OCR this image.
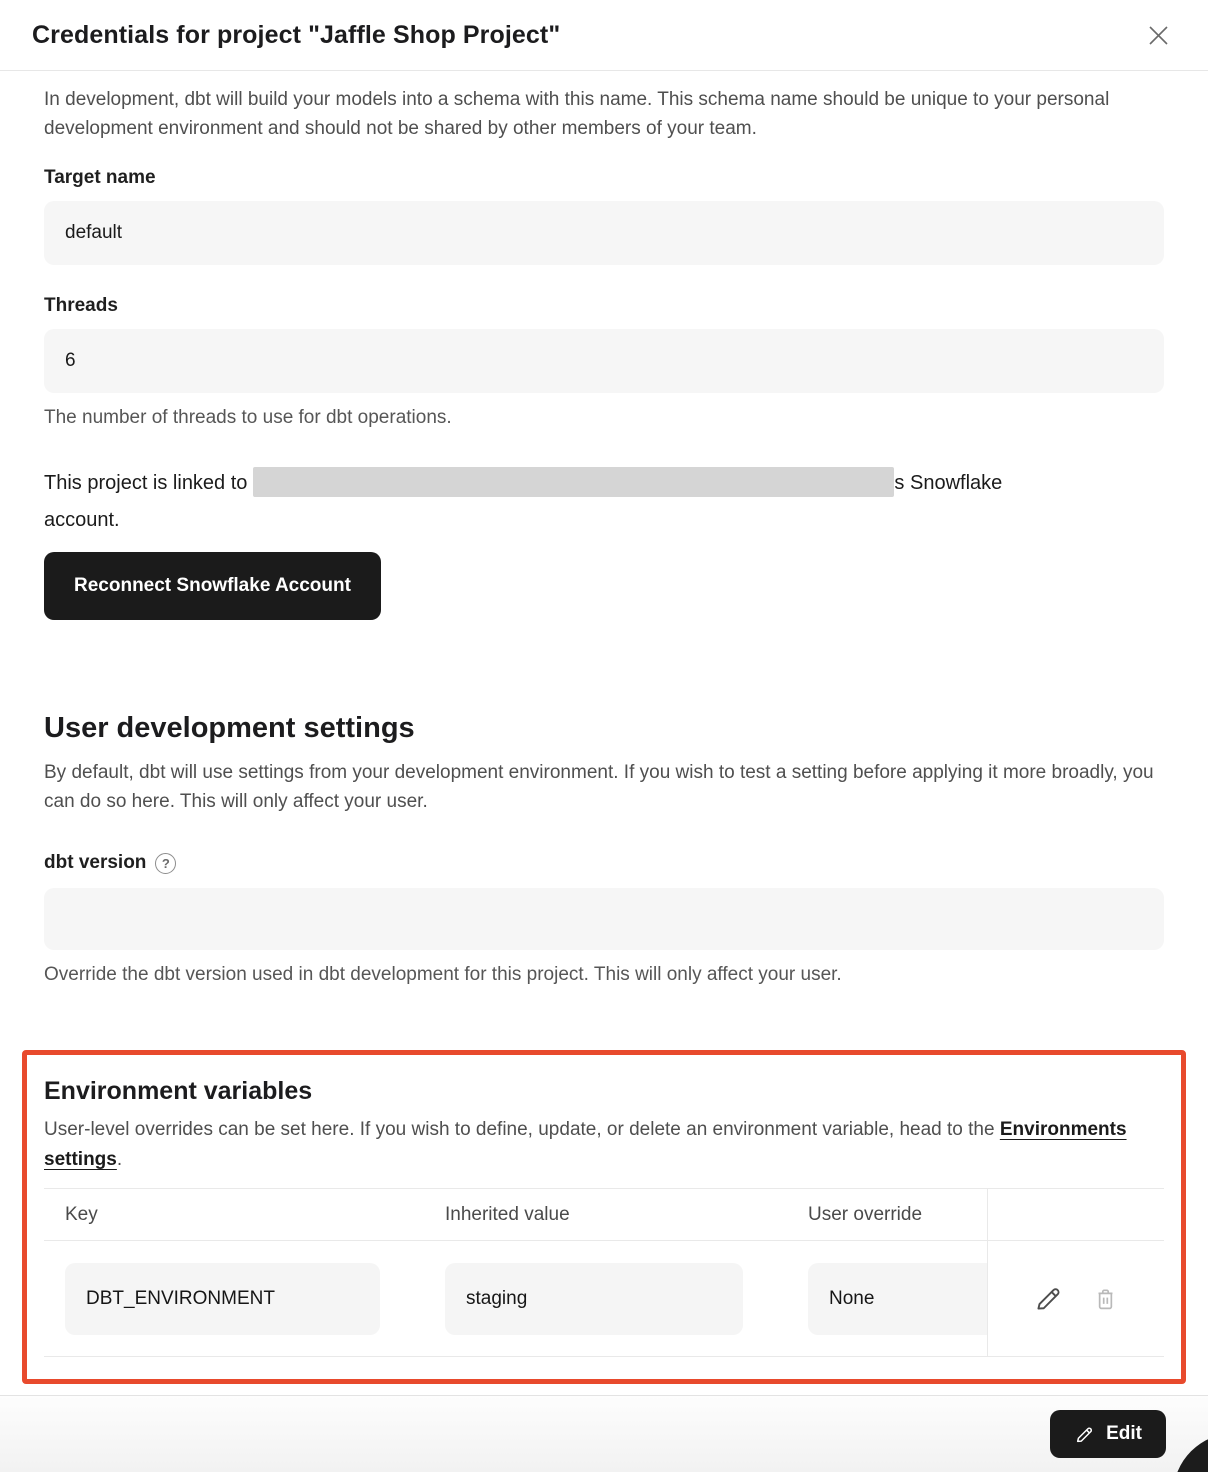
Credentials for project "Jaffle Shop Project"

In development, dbt will build your models into a schema with this name. This schema name should be unique to your personal development environment and should not be shared by other members of your team.

Target name
default
Threads
6

The number of threads to use for dbt operations.

This project is linked to	s Snowflake
account.

Reconnect Snowflake Account
User development settings

By default, dbt will use settings from your development environment. If you wish to test a setting before applying it more broadly, you can do so here. This will only affect your user.

dbt version	?

Override the dbt version used in dbt development for this project. This will only affect your user.

Environment variables

User-level overrides can be set here. If you wish to define, update, or delete an environment variable, head to the Environments settings.

Key	Inherited value	User override
DBT_ENVIRONMENT	staging	None
Edit
